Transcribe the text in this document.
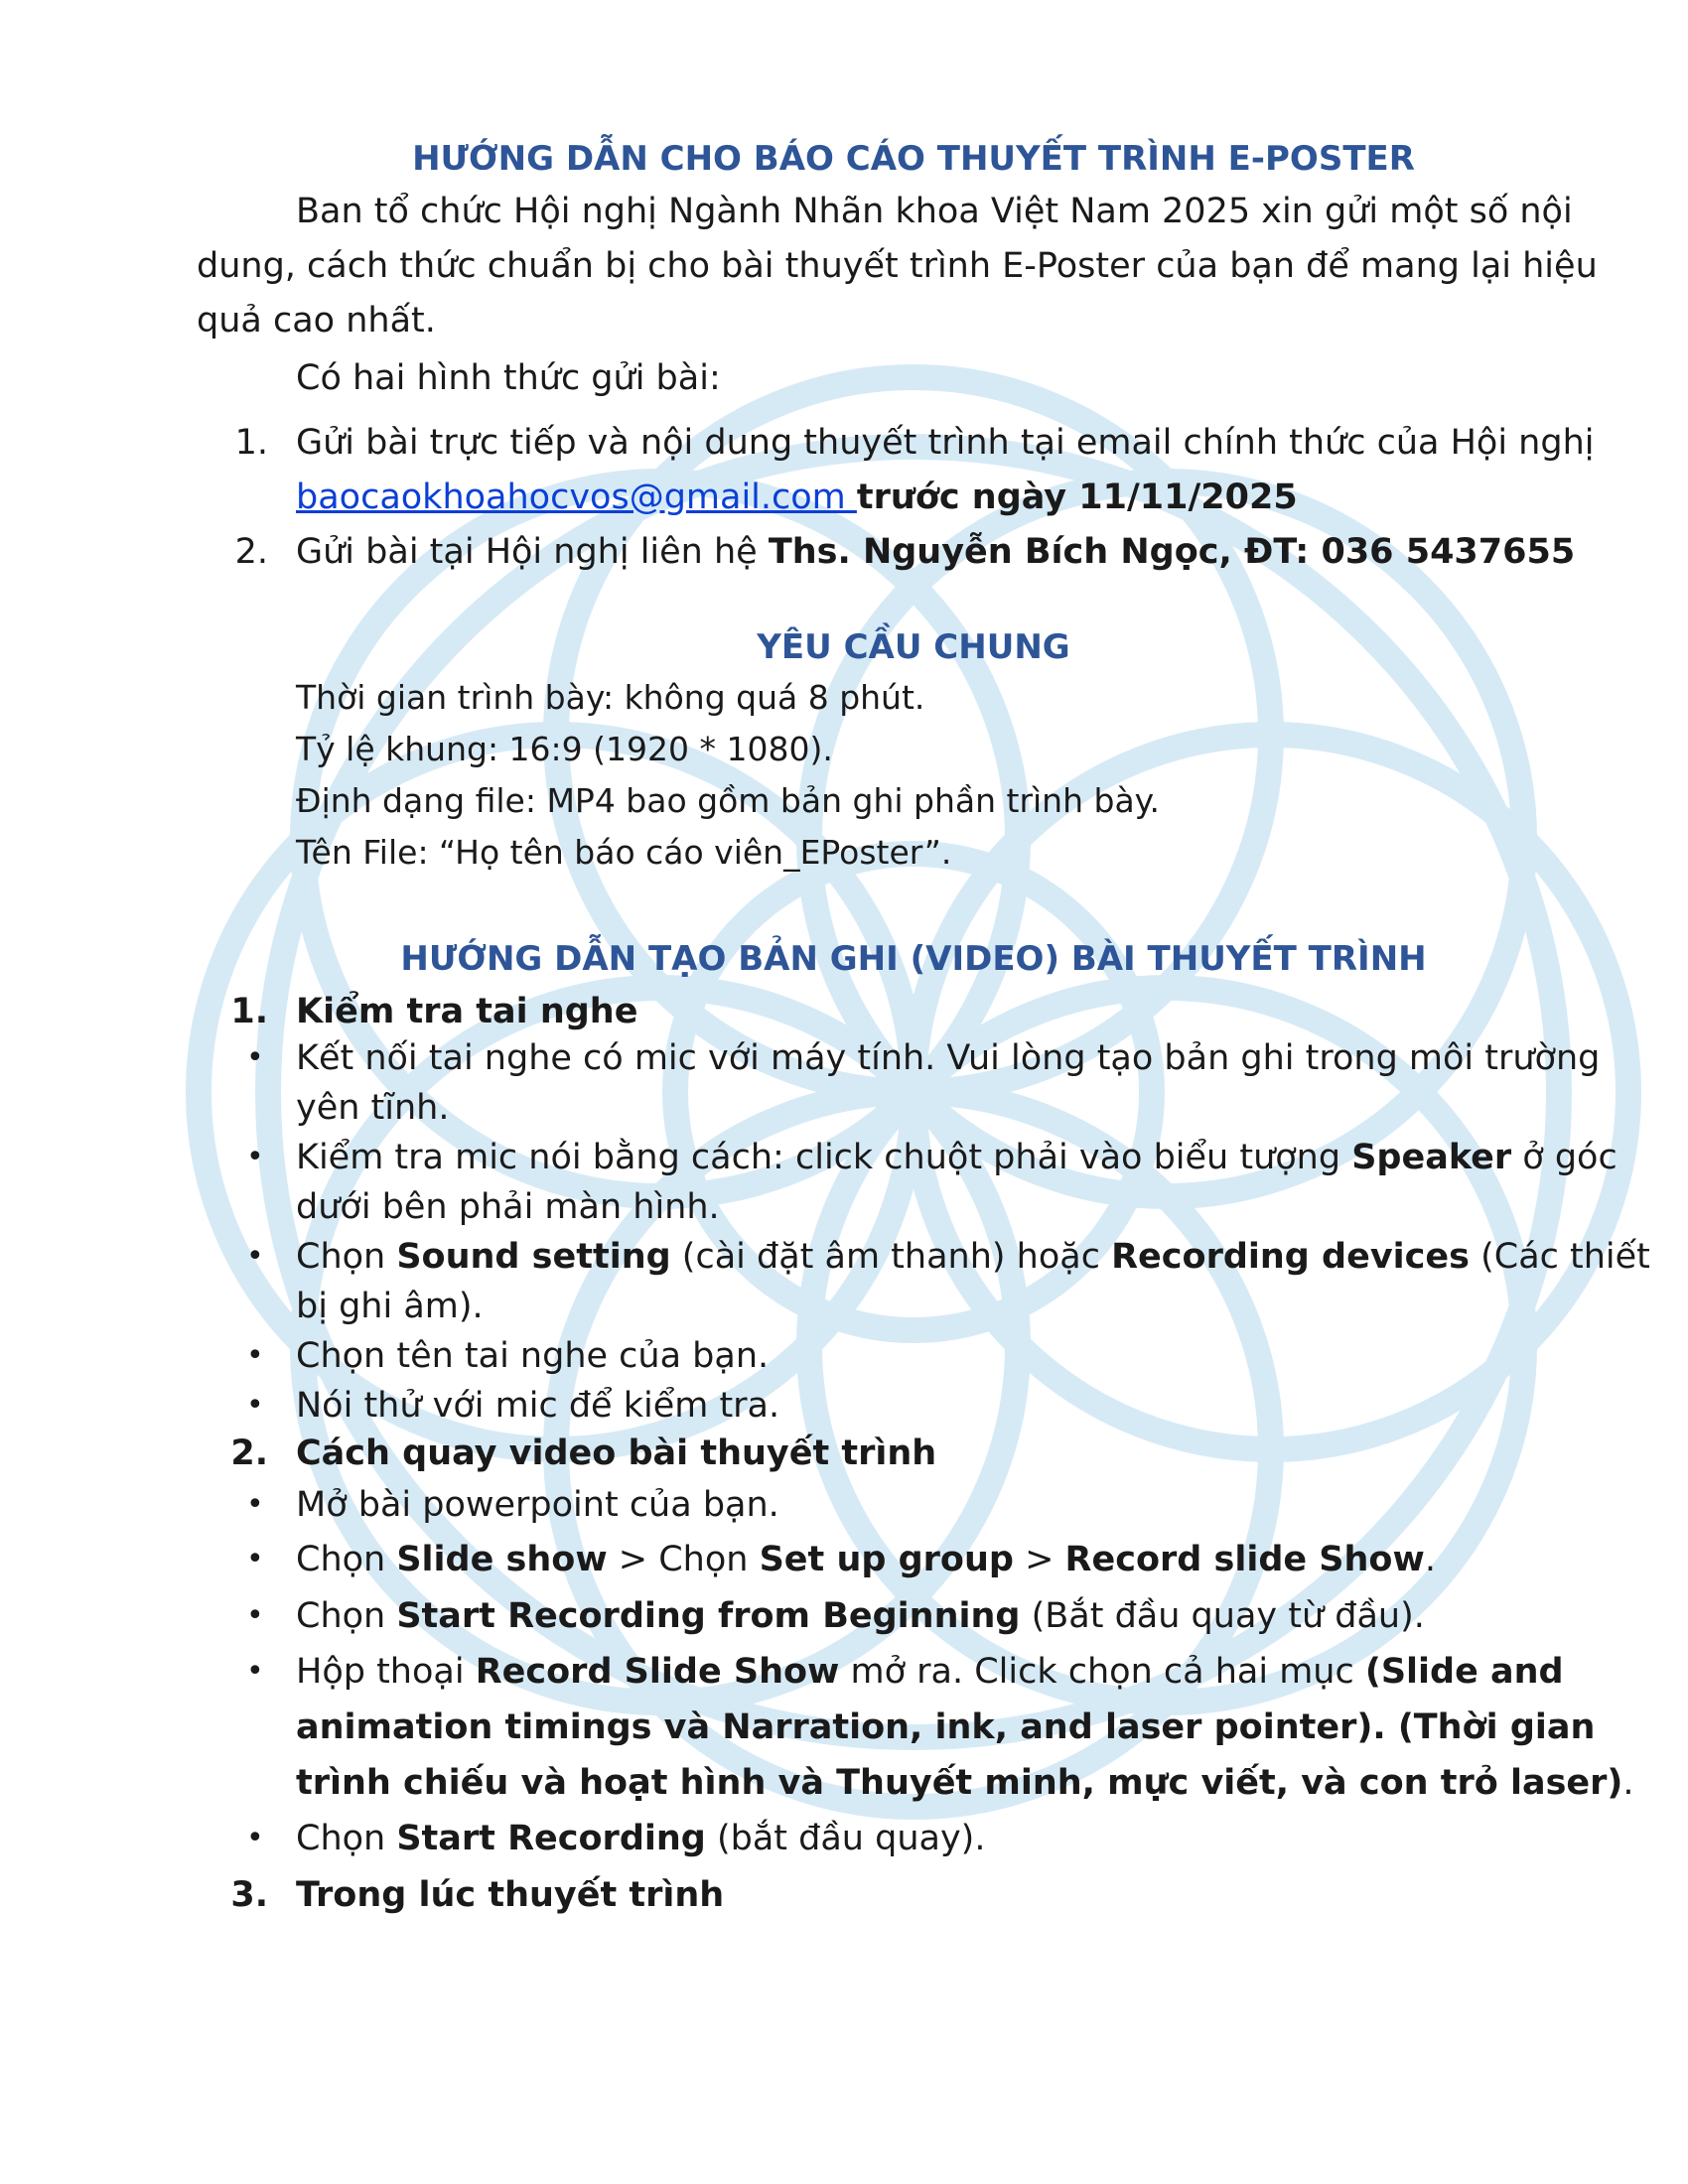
HƯỚNG DẪN CHO BÁO CÁO THUYẾT TRÌNH E-POSTER
Ban tổ chức Hội nghị Ngành Nhãn khoa Việt Nam 2025 xin gửi một số nội
dung, cách thức chuẩn bị cho bài thuyết trình E-Poster của bạn để mang lại hiệu
quả cao nhất.
Có hai hình thức gửi bài:
1. Gửi bài trực tiếp và nội dung thuyết trình tại email chính thức của Hội nghị
baocaokhoahocvos@gmail.com trước ngày 11/11/2025
2. Gửi bài tại Hội nghị liên hệ Ths. Nguyễn Bích Ngọc, ĐT: 036 5437655
YÊU CẦU CHUNG
Thời gian trình bày: không quá 8 phút.
Tỷ lệ khung: 16:9 (1920 * 1080).
Định dạng file: MP4 bao gồm bản ghi phần trình bày.
Tên File: “Họ tên báo cáo viên_EPoster”.
HƯỚNG DẪN TẠO BẢN GHI (VIDEO) BÀI THUYẾT TRÌNH
1. Kiểm tra tai nghe
• Kết nối tai nghe có mic với máy tính. Vui lòng tạo bản ghi trong môi trường
yên tĩnh.
• Kiểm tra mic nói bằng cách: click chuột phải vào biểu tượng Speaker ở góc
dưới bên phải màn hình.
• Chọn Sound setting (cài đặt âm thanh) hoặc Recording devices (Các thiết
bị ghi âm).
• Chọn tên tai nghe của bạn.
• Nói thử với mic để kiểm tra.
2. Cách quay video bài thuyết trình
• Mở bài powerpoint của bạn.
• Chọn Slide show > Chọn Set up group > Record slide Show.
• Chọn Start Recording from Beginning (Bắt đầu quay từ đầu).
• Hộp thoại Record Slide Show mở ra. Click chọn cả hai mục (Slide and
animation timings và Narration, ink, and laser pointer). (Thời gian
trình chiếu và hoạt hình và Thuyết minh, mực viết, và con trỏ laser).
• Chọn Start Recording (bắt đầu quay).
3. Trong lúc thuyết trình
